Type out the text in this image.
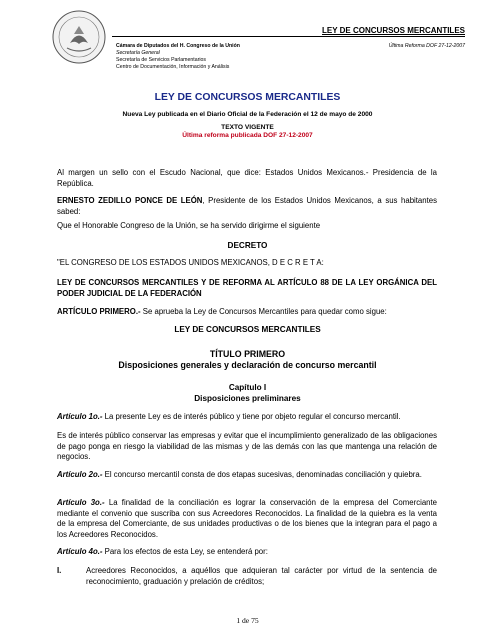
LEY DE CONCURSOS MERCANTILES
Cámara de Diputados del H. Congreso de la Unión
Secretaría General
Secretaría de Servicios Parlamentarios
Centro de Documentación, Información y Análisis
Última Reforma DOF 27-12-2007
LEY DE CONCURSOS MERCANTILES
Nueva Ley publicada en el Diario Oficial de la Federación el 12 de mayo de 2000
TEXTO VIGENTE
Última reforma publicada DOF 27-12-2007
Al margen un sello con el Escudo Nacional, que dice: Estados Unidos Mexicanos.- Presidencia de la República.
ERNESTO ZEDILLO PONCE DE LEÓN, Presidente de los Estados Unidos Mexicanos, a sus habitantes sabed:
Que el Honorable Congreso de la Unión, se ha servido dirigirme el siguiente
DECRETO
"EL CONGRESO DE LOS ESTADOS UNIDOS MEXICANOS, D E C R E T A:
LEY DE CONCURSOS MERCANTILES Y DE REFORMA AL ARTÍCULO 88 DE LA LEY ORGÁNICA DEL PODER JUDICIAL DE LA FEDERACIÓN
ARTÍCULO PRIMERO.- Se aprueba la Ley de Concursos Mercantiles para quedar como sigue:
LEY DE CONCURSOS MERCANTILES
TÍTULO PRIMERO
Disposiciones generales y declaración de concurso mercantil
Capítulo I
Disposiciones preliminares
Artículo 1o.- La presente Ley es de interés público y tiene por objeto regular el concurso mercantil.
Es de interés público conservar las empresas y evitar que el incumplimiento generalizado de las obligaciones de pago ponga en riesgo la viabilidad de las mismas y de las demás con las que mantenga una relación de negocios.
Artículo 2o.- El concurso mercantil consta de dos etapas sucesivas, denominadas conciliación y quiebra.
Artículo 3o.- La finalidad de la conciliación es lograr la conservación de la empresa del Comerciante mediante el convenio que suscriba con sus Acreedores Reconocidos. La finalidad de la quiebra es la venta de la empresa del Comerciante, de sus unidades productivas o de los bienes que la integran para el pago a los Acreedores Reconocidos.
Artículo 4o.- Para los efectos de esta Ley, se entenderá por:
I.	Acreedores Reconocidos, a aquéllos que adquieran tal carácter por virtud de la sentencia de reconocimiento, graduación y prelación de créditos;
1 de 75
